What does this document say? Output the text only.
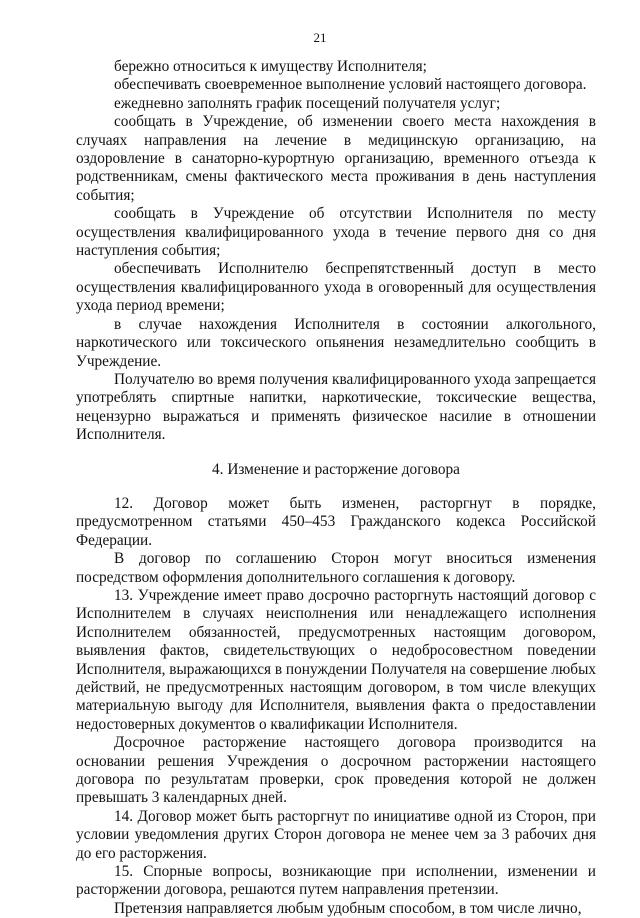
21

бережно относиться к имуществу Исполнителя;

обеспечивать своевременное выполнение условий настоящего договора.

ежедневно заполнять график посещений получателя услуг;

сообщать в Учреждение, об изменении своего места нахождения в случаях направления на лечение в медицинскую организацию, на оздоровление в санаторно-курортную организацию, временного отъезда к родственникам, смены фактического места проживания в день наступления события;

сообщать в Учреждение об отсутствии Исполнителя по месту осуществления квалифицированного ухода в течение первого дня со дня наступления события;

обеспечивать Исполнителю беспрепятственный доступ в место осуществления квалифицированного ухода в оговоренный для осуществления ухода период времени;

в случае нахождения Исполнителя в состоянии алкогольного, наркотического или токсического опьянения незамедлительно сообщить в Учреждение.

Получателю во время получения квалифицированного ухода запрещается употреблять спиртные напитки, наркотические, токсические вещества, нецензурно выражаться и применять физическое насилие в отношении Исполнителя.

4. Изменение и расторжение договора

12. Договор может быть изменен, расторгнут в порядке, предусмотренном статьями 450–453 Гражданского кодекса Российской Федерации.

В договор по соглашению Сторон могут вноситься изменения посредством оформления дополнительного соглашения к договору.

13. Учреждение имеет право досрочно расторгнуть настоящий договор с Исполнителем в случаях неисполнения или ненадлежащего исполнения Исполнителем обязанностей, предусмотренных настоящим договором, выявления фактов, свидетельствующих о недобросовестном поведении Исполнителя, выражающихся в понуждении Получателя на совершение любых действий, не предусмотренных настоящим договором, в том числе влекущих материальную выгоду для Исполнителя, выявления факта о предоставлении недостоверных документов о квалификации Исполнителя.

Досрочное расторжение настоящего договора производится на основании решения Учреждения о досрочном расторжении настоящего договора по результатам проверки, срок проведения которой не должен превышать 3 календарных дней.

14. Договор может быть расторгнут по инициативе одной из Сторон, при условии уведомления других Сторон договора не менее чем за 3 рабочих дня до его расторжения.

15. Спорные вопросы, возникающие при исполнении, изменении и расторжении договора, решаются путем направления претензии.

Претензия направляется любым удобным способом, в том числе лично,
